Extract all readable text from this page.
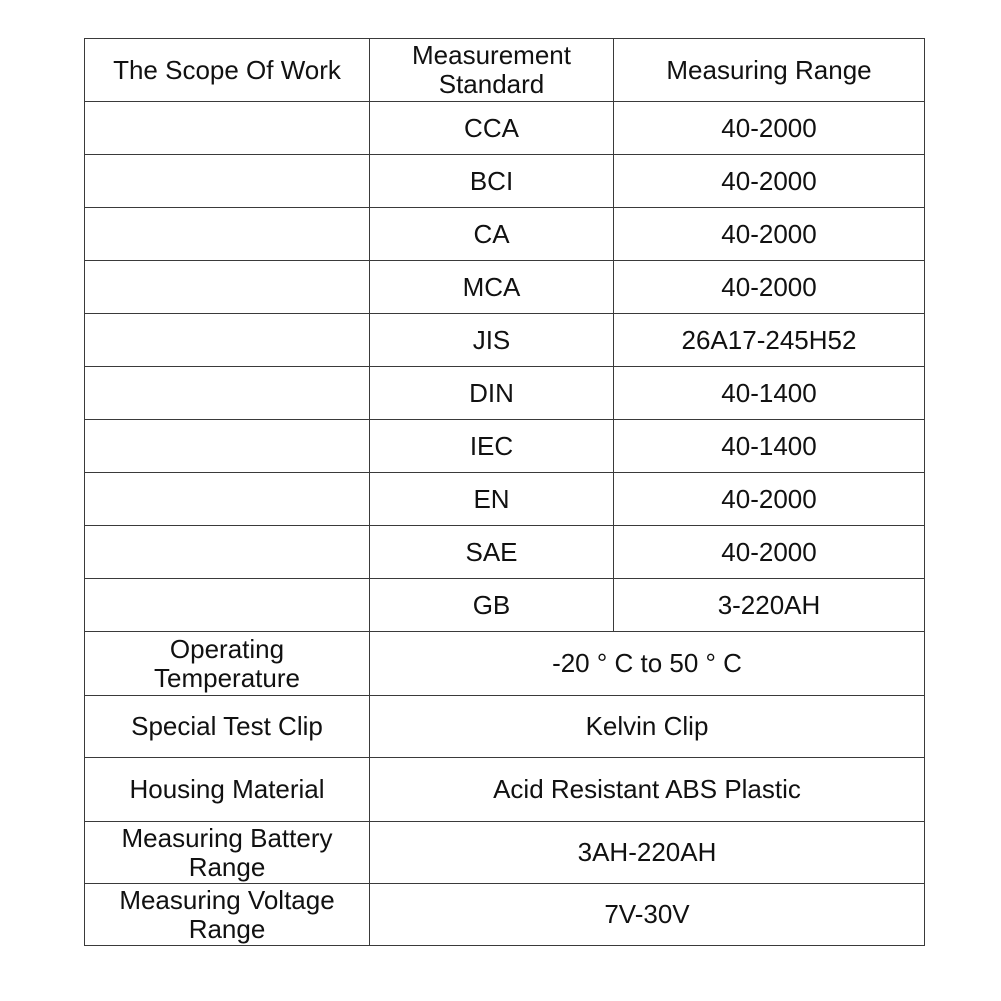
The Scope Of Work	Measurement Standard	Measuring Range
	CCA	40-2000
	BCI	40-2000
	CA	40-2000
	MCA	40-2000
	JIS	26A17-245H52
	DIN	40-1400
	IEC	40-1400
	EN	40-2000
	SAE	40-2000
	GB	3-220AH
Operating Temperature	-20 ° C to 50 ° C	
Special Test Clip	Kelvin Clip	
Housing Material	Acid Resistant ABS Plastic	
Measuring Battery Range	3AH-220AH	
Measuring Voltage Range	7V-30V	
